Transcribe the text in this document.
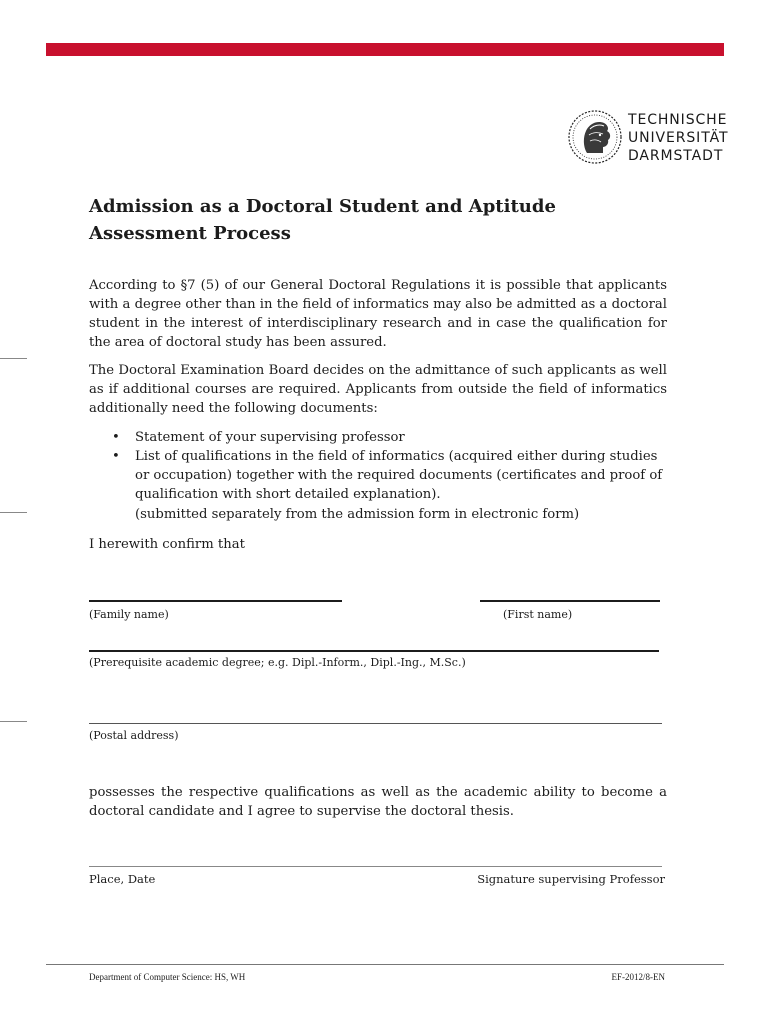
TECHNISCHE
UNIVERSITÄT
DARMSTADT
Admission as a Doctoral Student and Aptitude
Assessment Process

According to §7 (5) of our General Doctoral Regulations it is possible that applicants with a degree other than in the field of informatics may also be admitted as a doctoral student in the interest of interdisciplinary research and in case the qualification for the area of doctoral study has been assured.

The Doctoral Examination Board decides on the admittance of such applicants as well as if additional courses are required. Applicants from outside the field of informatics additionally need the following documents:

• Statement of your supervising professor
• List of qualifications in the field of informatics (acquired either during studies or occupation) together with the required documents (certificates and proof of qualification with short detailed explanation).

(submitted separately from the admission form in electronic form)

I herewith confirm that

(Family name)	(First name)
(Prerequisite academic degree; e.g. Dipl.-Inform., Dipl.-Ing., M.Sc.)
(Postal address)

possesses the respective qualifications as well as the academic ability to become a doctoral candidate and I agree to supervise the doctoral thesis.

Place, Date	Signature supervising Professor
Department of Computer Science: HS, WH	EF-2012/8-EN
